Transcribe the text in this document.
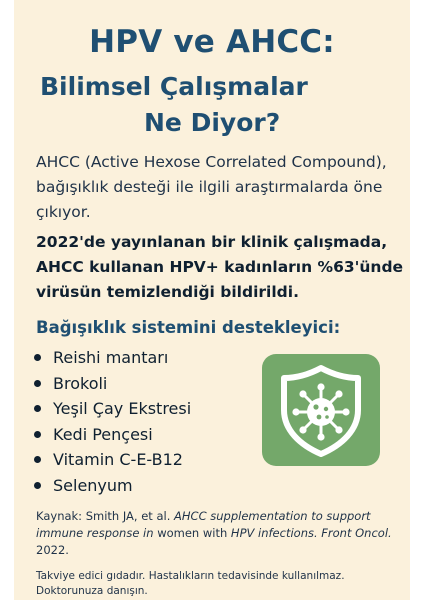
HPV ve AHCC:
Bilimsel Çalışmalar
Ne Diyor?
AHCC (Active Hexose Correlated Compound), bağışıklık desteği ile ilgili araştırmalarda öne çıkıyor.
2022'de yayınlanan bir klinik çalışmada, AHCC kullanan HPV+ kadınların %63'ünde virüsün temizlendiği bildirildi.
Bağışıklık sistemini destekleyici:
Reishi mantarı
Brokoli
Yeşil Çay Ekstresi
Kedi Pençesi
Vitamin C-E-B12
Selenyum
Kaynak: Smith JA, et al. AHCC supplementation to support immune response in women with HPV infections. Front Oncol. 2022.
Takviye edici gıdadır. Hastalıkların tedavisinde kullanılmaz. Doktorunuza danışın.
